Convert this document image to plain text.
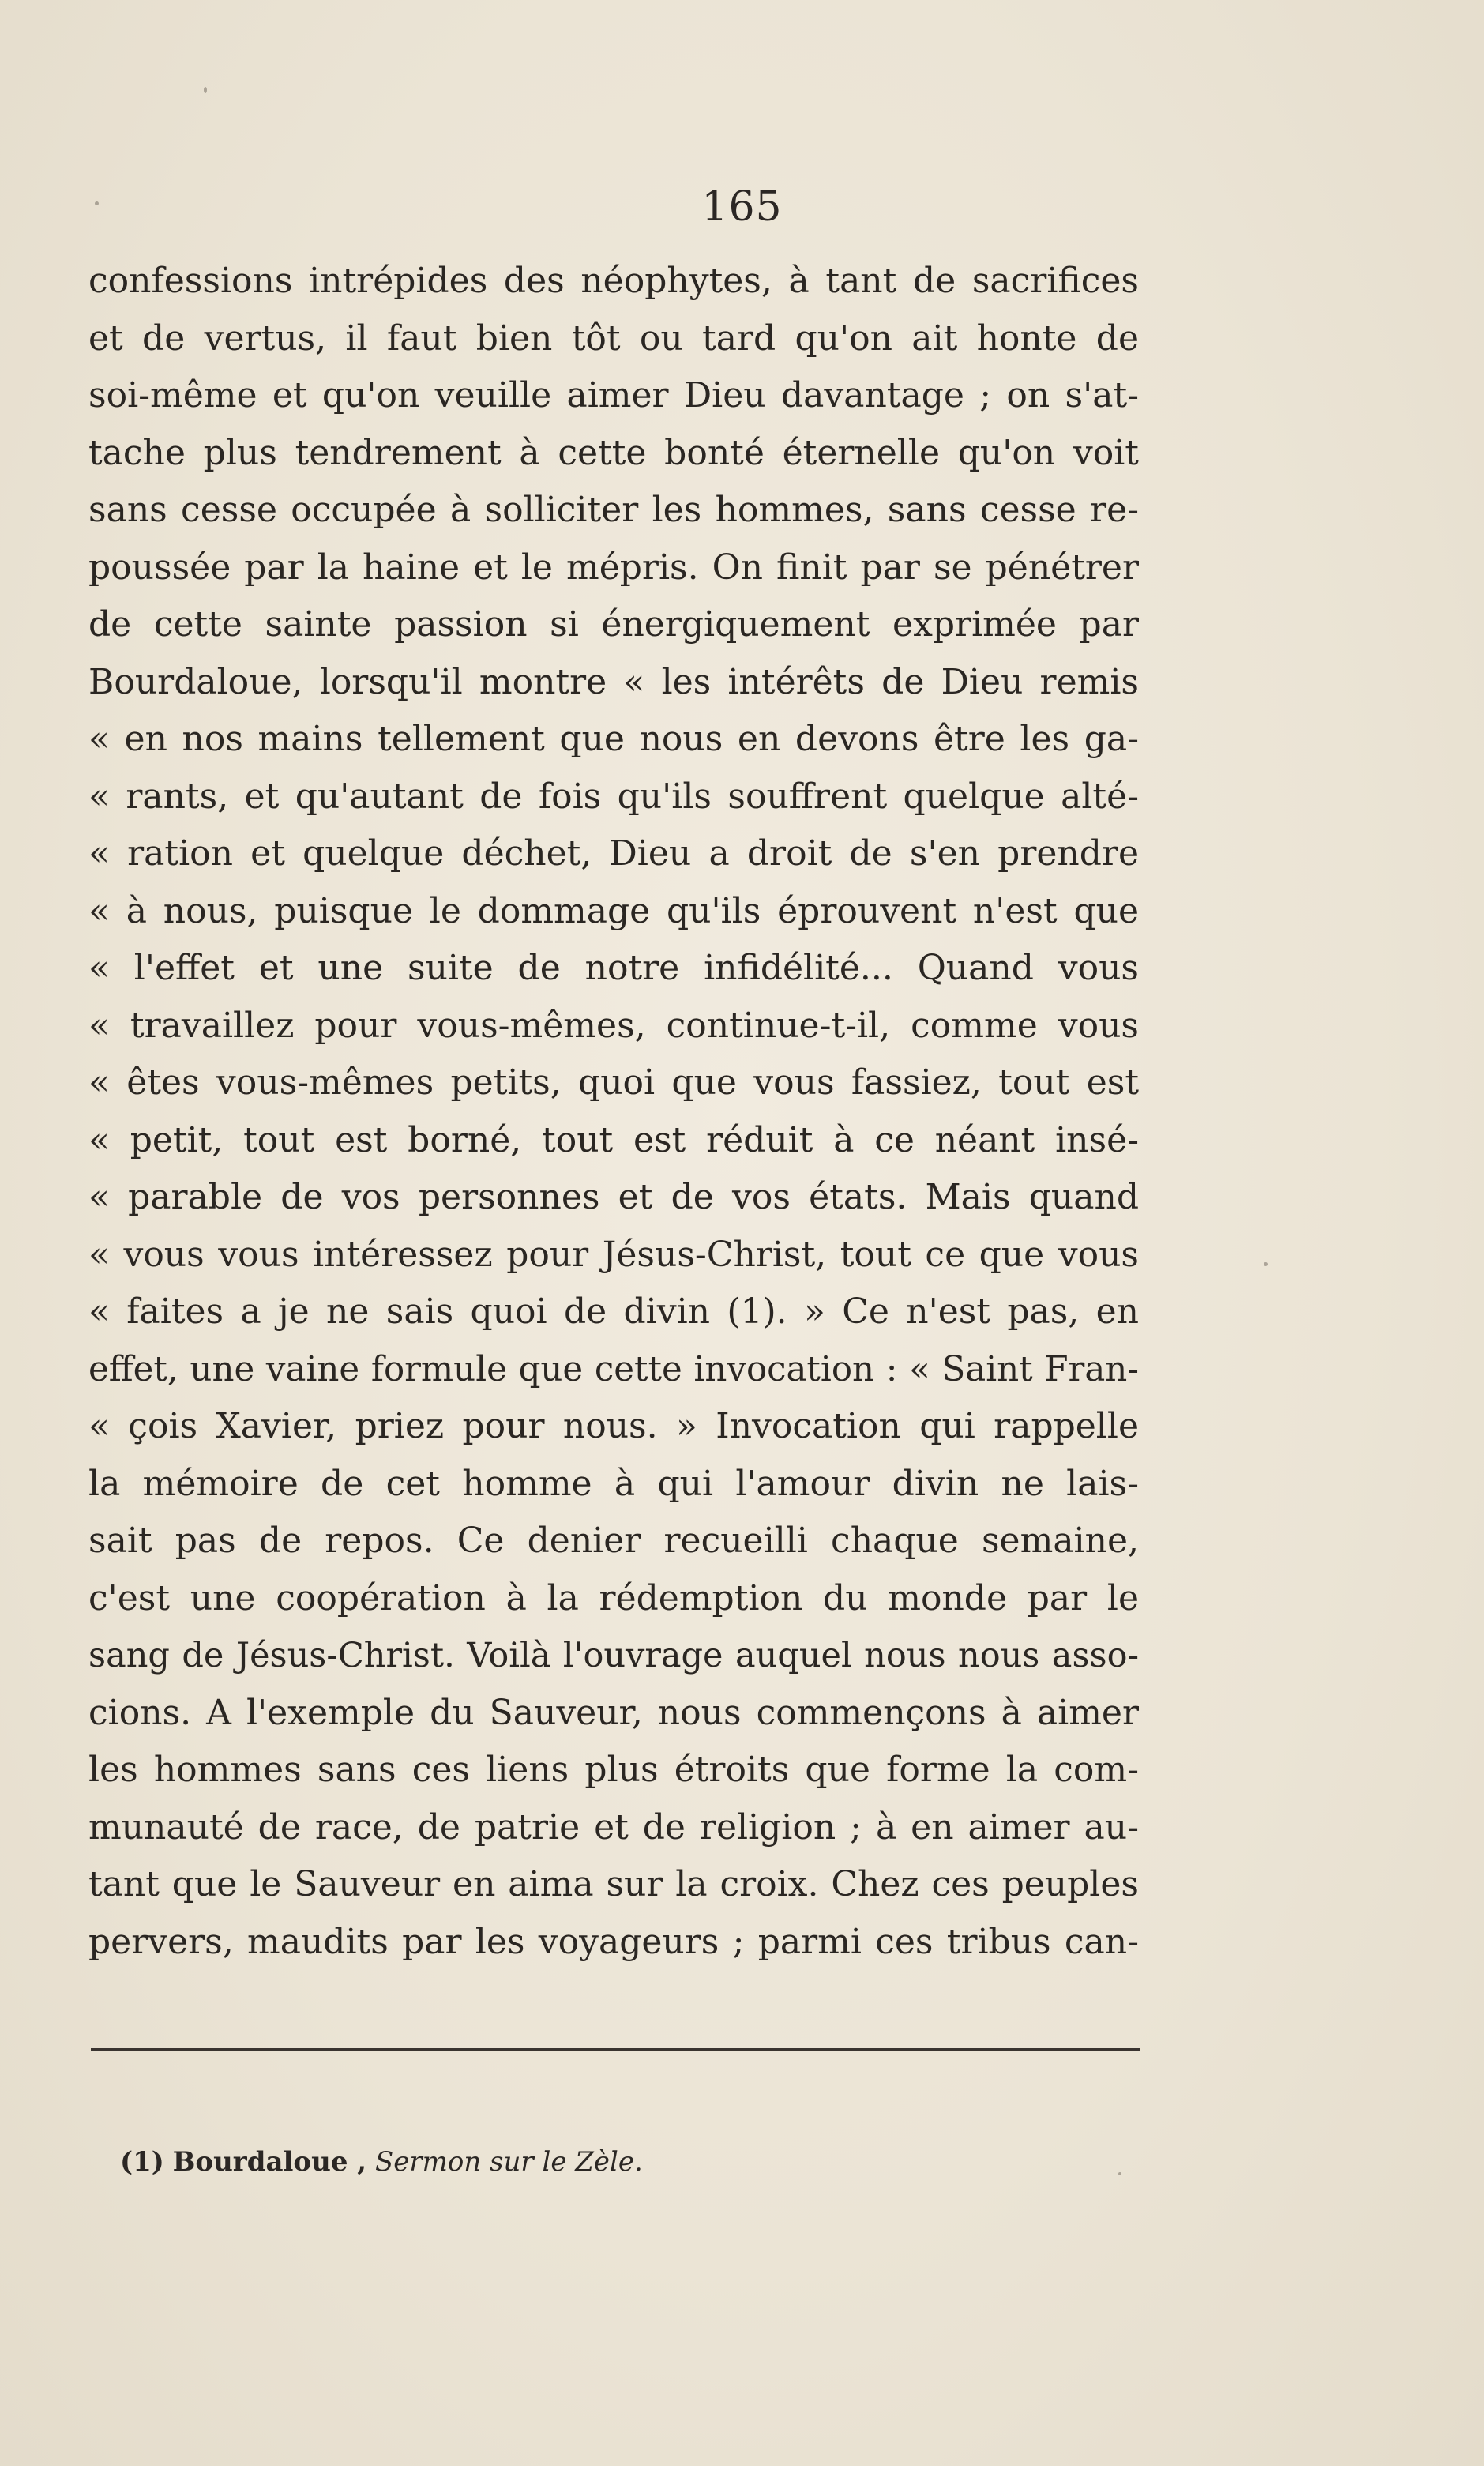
165
confessions intrépides des néophytes, à tant de sacrifices
et de vertus, il faut bien tôt ou tard qu'on ait honte de
soi-même et qu'on veuille aimer Dieu davantage ; on s'at-
tache plus tendrement à cette bonté éternelle qu'on voit
sans cesse occupée à solliciter les hommes, sans cesse re-
poussée par la haine et le mépris. On finit par se pénétrer
de cette sainte passion si énergiquement exprimée par
Bourdaloue, lorsqu'il montre « les intérêts de Dieu remis
« en nos mains tellement que nous en devons être les ga-
« rants, et qu'autant de fois qu'ils souffrent quelque alté-
« ration et quelque déchet, Dieu a droit de s'en prendre
« à nous, puisque le dommage qu'ils éprouvent n'est que
« l'effet et une suite de notre infidélité... Quand vous
« travaillez pour vous-mêmes, continue-t-il, comme vous
« êtes vous-mêmes petits, quoi que vous fassiez, tout est
« petit, tout est borné, tout est réduit à ce néant insé-
« parable de vos personnes et de vos états. Mais quand
« vous vous intéressez pour Jésus-Christ, tout ce que vous
« faites a je ne sais quoi de divin (1). » Ce n'est pas, en
effet, une vaine formule que cette invocation : « Saint Fran-
« çois Xavier, priez pour nous. » Invocation qui rappelle
la mémoire de cet homme à qui l'amour divin ne lais-
sait pas de repos. Ce denier recueilli chaque semaine,
c'est une coopération à la rédemption du monde par le
sang de Jésus-Christ. Voilà l'ouvrage auquel nous nous asso-
cions. A l'exemple du Sauveur, nous commençons à aimer
les hommes sans ces liens plus étroits que forme la com-
munauté de race, de patrie et de religion ; à en aimer au-
tant que le Sauveur en aima sur la croix. Chez ces peuples
pervers, maudits par les voyageurs ; parmi ces tribus can-
(1) Bourdaloue , Sermon sur le Zèle.
